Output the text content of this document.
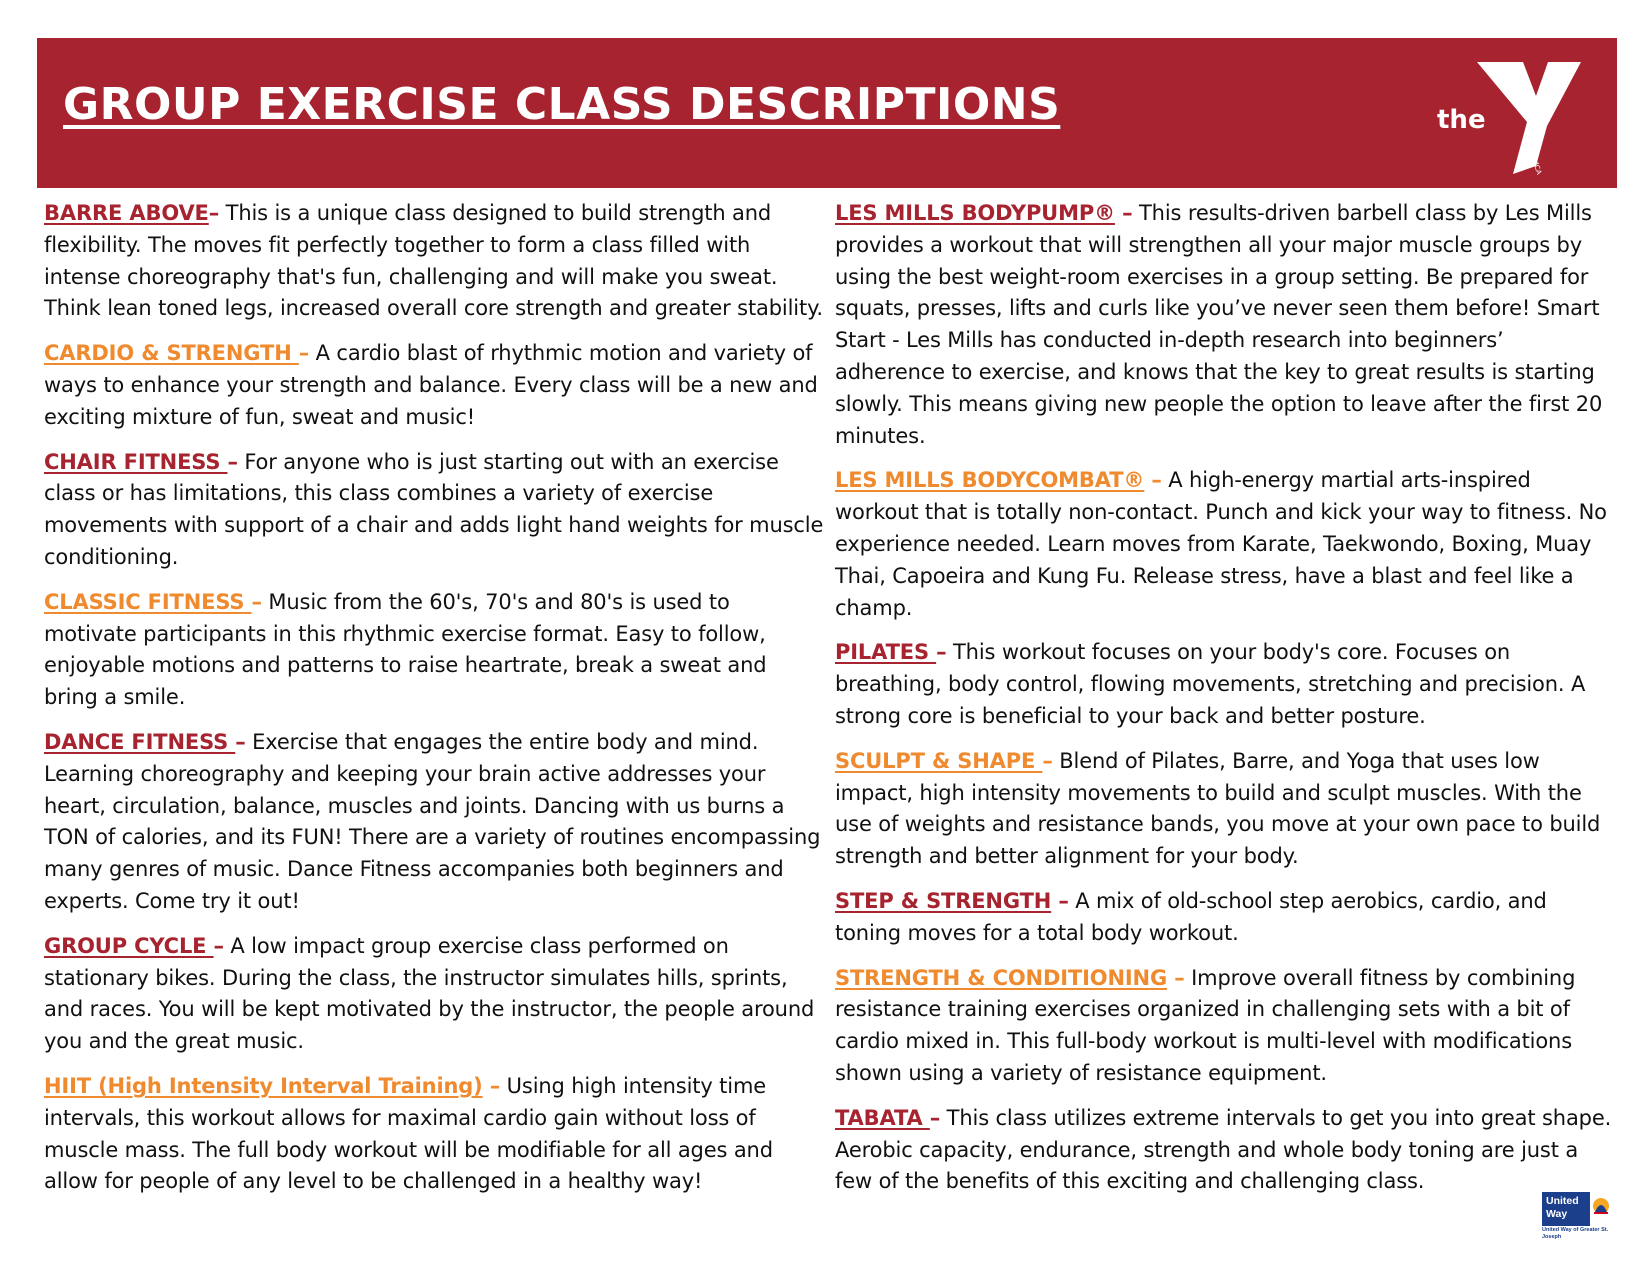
GROUP EXERCISE CLASS DESCRIPTIONS	the
YMCA

BARRE ABOVE– This is a unique class designed to build strength and flexibility. The moves fit perfectly together to form a class filled with intense choreography that's fun, challenging and will make you sweat. Think lean toned legs, increased overall core strength and greater stability.

CARDIO & STRENGTH – A cardio blast of rhythmic motion and variety of ways to enhance your strength and balance. Every class will be a new and exciting mixture of fun, sweat and music!

CHAIR FITNESS – For anyone who is just starting out with an exercise class or has limitations, this class combines a variety of exercise movements with support of a chair and adds light hand weights for muscle conditioning.

CLASSIC FITNESS – Music from the 60's, 70's and 80's is used to motivate participants in this rhythmic exercise format. Easy to follow, enjoyable motions and patterns to raise heartrate, break a sweat and bring a smile.

DANCE FITNESS – Exercise that engages the entire body and mind. Learning choreography and keeping your brain active addresses your heart, circulation, balance, muscles and joints. Dancing with us burns a TON of calories, and its FUN! There are a variety of routines encompassing many genres of music. Dance Fitness accompanies both beginners and experts. Come try it out!

GROUP CYCLE – A low impact group exercise class performed on stationary bikes. During the class, the instructor simulates hills, sprints, and races. You will be kept motivated by the instructor, the people around you and the great music.

HIIT (High Intensity Interval Training) – Using high intensity time intervals, this workout allows for maximal cardio gain without loss of muscle mass. The full body workout will be modifiable for all ages and allow for people of any level to be challenged in a healthy way!

LES MILLS BODYPUMP® – This results-driven barbell class by Les Mills provides a workout that will strengthen all your major muscle groups by using the best weight-room exercises in a group setting. Be prepared for squats, presses, lifts and curls like you’ve never seen them before! Smart Start - Les Mills has conducted in-depth research into beginners’ adherence to exercise, and knows that the key to great results is starting slowly. This means giving new people the option to leave after the first 20 minutes.

LES MILLS BODYCOMBAT® – A high-energy martial arts-inspired workout that is totally non-contact. Punch and kick your way to fitness. No experience needed. Learn moves from Karate, Taekwondo, Boxing, Muay Thai, Capoeira and Kung Fu. Release stress, have a blast and feel like a champ.

PILATES – This workout focuses on your body's core. Focuses on breathing, body control, flowing movements, stretching and precision. A strong core is beneficial to your back and better posture.

SCULPT & SHAPE – Blend of Pilates, Barre, and Yoga that uses low impact, high intensity movements to build and sculpt muscles. With the use of weights and resistance bands, you move at your own pace to build strength and better alignment for your body.

STEP & STRENGTH – A mix of old-school step aerobics, cardio, and toning moves for a total body workout.

STRENGTH & CONDITIONING – Improve overall fitness by combining resistance training exercises organized in challenging sets with a bit of cardio mixed in. This full-body workout is multi-level with modifications shown using a variety of resistance equipment.

TABATA – This class utilizes extreme intervals to get you into great shape. Aerobic capacity, endurance, strength and whole body toning are just a few of the benefits of this exciting and challenging class.

United
Way
United Way of Greater St. Joseph
